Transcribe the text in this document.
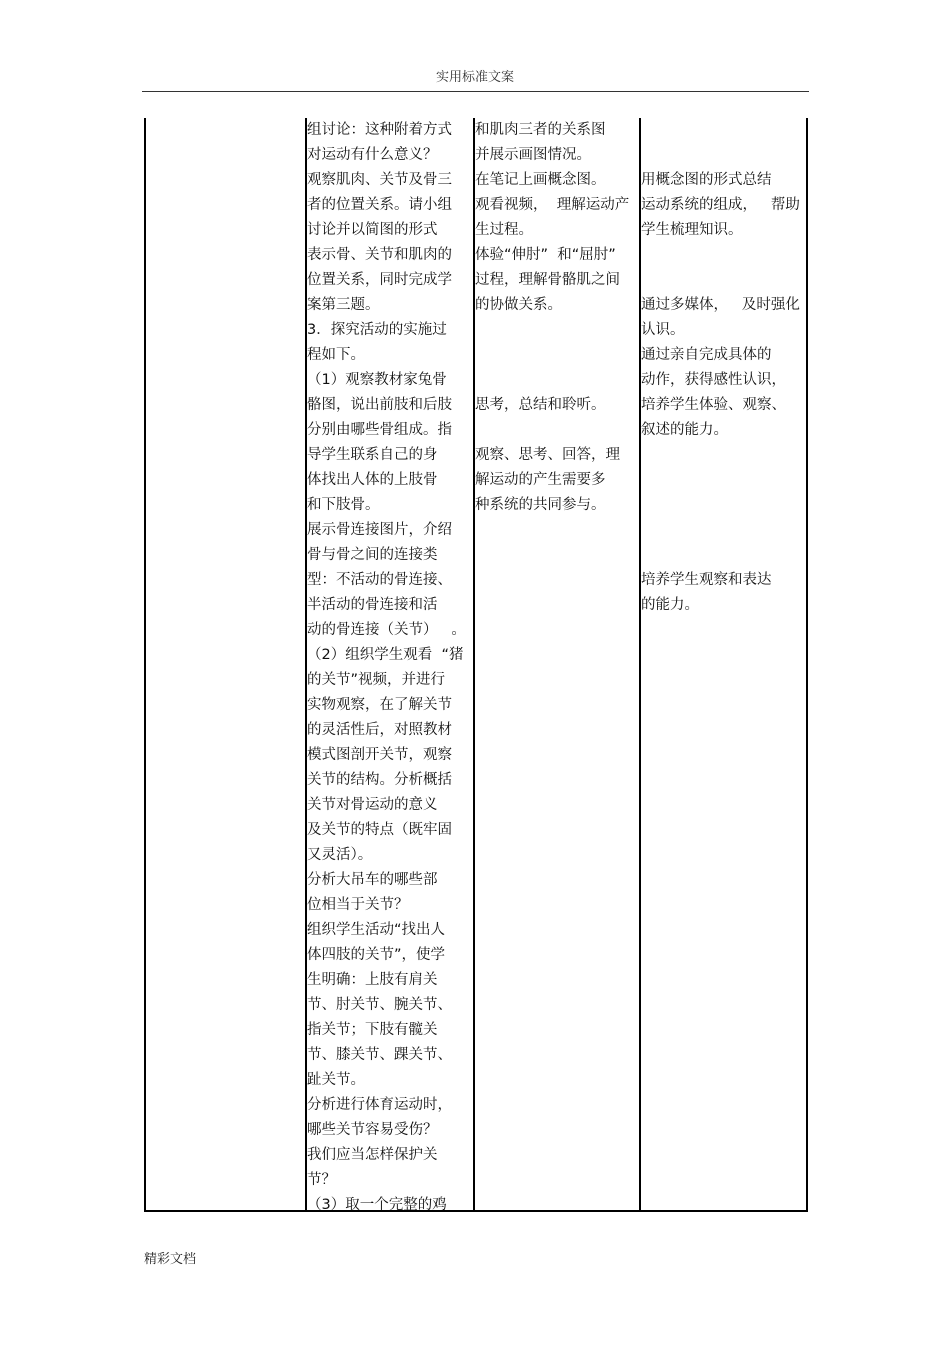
实用标准文案
组讨论：这种附着方式
对运动有什么意义？
观察肌肉、关节及骨三
者的位置关系。请小组
讨论并以简图的形式
表示骨、关节和肌肉的
位置关系，同时完成学
案第三题。
3．探究活动的实施过
程如下。
（1）观察教材家兔骨
骼图，说出前肢和后肢
分别由哪些骨组成。指
导学生联系自己的身
体找出人体的上肢骨
和下肢骨。
展示骨连接图片，介绍
骨与骨之间的连接类
型：不活动的骨连接、
半活动的骨连接和活
动的骨连接（关节）   。
（2）组织学生观看  “猪
的关节”视频，并进行
实物观察，在了解关节
的灵活性后，对照教材
模式图剖开关节，观察
关节的结构。分析概括
关节对骨运动的意义
及关节的特点（既牢固
又灵活）。
分析大吊车的哪些部
位相当于关节？
组织学生活动“找出人
体四肢的关节”，使学
生明确：上肢有肩关
节、肘关节、腕关节、
指关节；下肢有髋关
节、膝关节、踝关节、
趾关节。
分析进行体育运动时，
哪些关节容易受伤？
我们应当怎样保护关
节？
（3）取一个完整的鸡
和肌肉三者的关系图
并展示画图情况。
在笔记上画概念图。
观看视频，  理解运动产
生过程。
体验“伸肘”  和“屈肘”
过程，理解骨骼肌之间
的协做关系。
思考，总结和聆听。
观察、思考、回答，理
解运动的产生需要多
种系统的共同参与。
用概念图的形式总结
运动系统的组成，   帮助
学生梳理知识。
通过多媒体，   及时强化
认识。
通过亲自完成具体的
动作，获得感性认识，
培养学生体验、观察、
叙述的能力。
培养学生观察和表达
的能力。
精彩文档
